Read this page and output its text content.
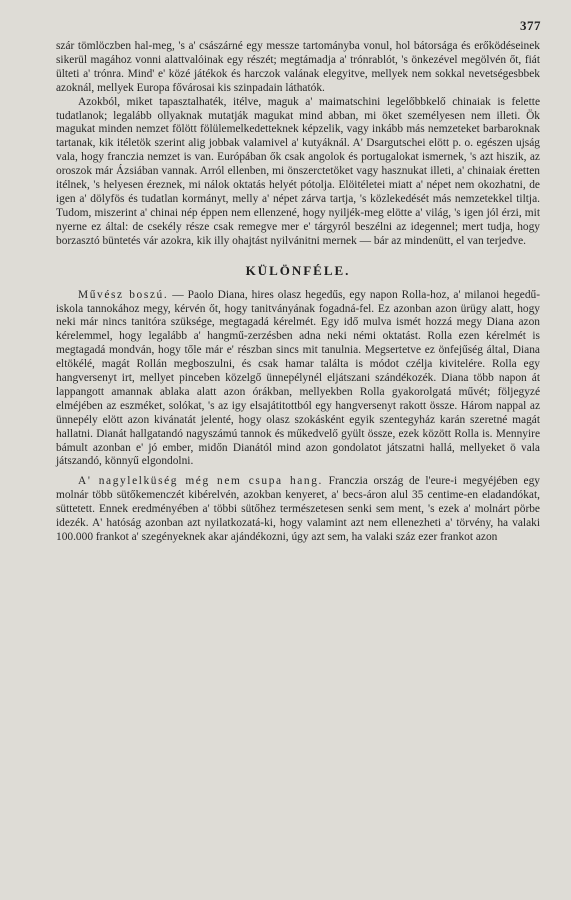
377

szár tömlöczben hal-meg, 's a' császárné egy messze tartományba vonul, hol bátorsága és erőködéseinek sikerül magához vonni alattvalóinak egy részét; megtámadja a' trónrablót, 's önkezével megölvén őt, fiát ülteti a' trónra. Mind' e' közé játékok és harczok valának elegyitve, mellyek nem sokkal nevetségesbbek azoknál, mellyek Europa fővárosai kis szinpadain láthatók.

Azokból, miket tapasztalhaték, itélve, maguk a' maimatschini legelőbbkelő chinaiak is felette tudatlanok; legalább ollyaknak mutatják magukat mind abban, mi öket személyesen nem illeti. Ök magukat minden nemzet fölött fölülemelkedetteknek képzelik, vagy inkább más nemzeteket barbaroknak tartanak, kik itéletök szerint alig jobbak valamivel a' kutyáknál. A' Dsargutschei elött p. o. egészen ujság vala, hogy franczia nemzet is van. Európában ők csak angolok és portugalokat ismernek, 's azt hiszik, az oroszok már Ázsiában vannak. Arról ellenben, mi önszerctetöket vagy hasznukat illeti, a' chinaiak éretten itélnek, 's helyesen éreznek, mi nálok oktatás helyét pótolja. Elöitéletei miatt a' népet nem okozhatni, de igen a' dölyfös és tudatlan kormányt, melly a' népet zárva tartja, 's közlekedését más nemzetekkel tiltja. Tudom, miszerint a' chinai nép éppen nem ellenzené, hogy nyiljék-meg elötte a' világ, 's igen jól érzi, mit nyerne ez által: de csekély része csak remegve mer e' tárgyról beszélni az idegennel; mert tudja, hogy borzasztó büntetés vár azokra, kik illy ohajtást nyilvánitni mernek — bár az mindenütt, el van terjedve.

KÜLÖNFÉLE.

Művész boszú. — Paolo Diana, hires olasz hegedűs, egy napon Rolla-hoz, a' milanoi hegedű-iskola tannokához megy, kérvén őt, hogy tanitványának fogadná-fel. Ez azonban azon ürügy alatt, hogy neki már nincs tanitóra szüksége, megtagadá kérelmét. Egy idő mulva ismét hozzá megy Diana azon kérelemmel, hogy legalább a' hangmű-zerzésben adna neki némi oktatást. Rolla ezen kérelmét is megtagadá mondván, hogy tőle már e' részban sincs mit tanulnia. Megsertetve ez önfejűség által, Diana eltökélé, magát Rollán megboszulni, és csak hamar találta is módot czélja kivitelére. Rolla egy hangversenyt irt, mellyet pinceben közelgő ünnepélynél eljátszani szándékozék. Diana több napon át lappangott amannak ablaka alatt azon órákban, mellyekben Rolla gyakorolgatá művét; följegyzé elméjében az eszméket, solókat, 's az igy elsajátitottból egy hangversenyt rakott össze. Három nappal az ünnepély elött azon kivánatát jelenté, hogy olasz szokásként egyik szentegyház karán szeretné magát hallatni. Dianát hallgatandó nagyszámú tannok és műkedvelő gyült össze, ezek között Rolla is. Mennyire bámult azonban e' jó ember, midőn Dianától mind azon gondolatot játszatni hallá, mellyeket ö vala játszandó, könnyű elgondolni.

A' nagylelküség még nem csupa hang. Franczia ország de l'eure-i megyéjében egy molnár több sütőkemenczét kibérelvén, azokban kenyeret, a' becs-áron alul 35 centime-en eladandókat, süttetett. Ennek eredményében a' többi sütőhez természetesen senki sem ment, 's ezek a' molnárt pörbe idezék. A' hatóság azonban azt nyilatkozatá-ki, hogy valamint azt nem ellenezheti a' törvény, ha valaki 100.000 frankot a' szegényeknek akar ajándékozni, úgy azt sem, ha valaki száz ezer frankot azon
